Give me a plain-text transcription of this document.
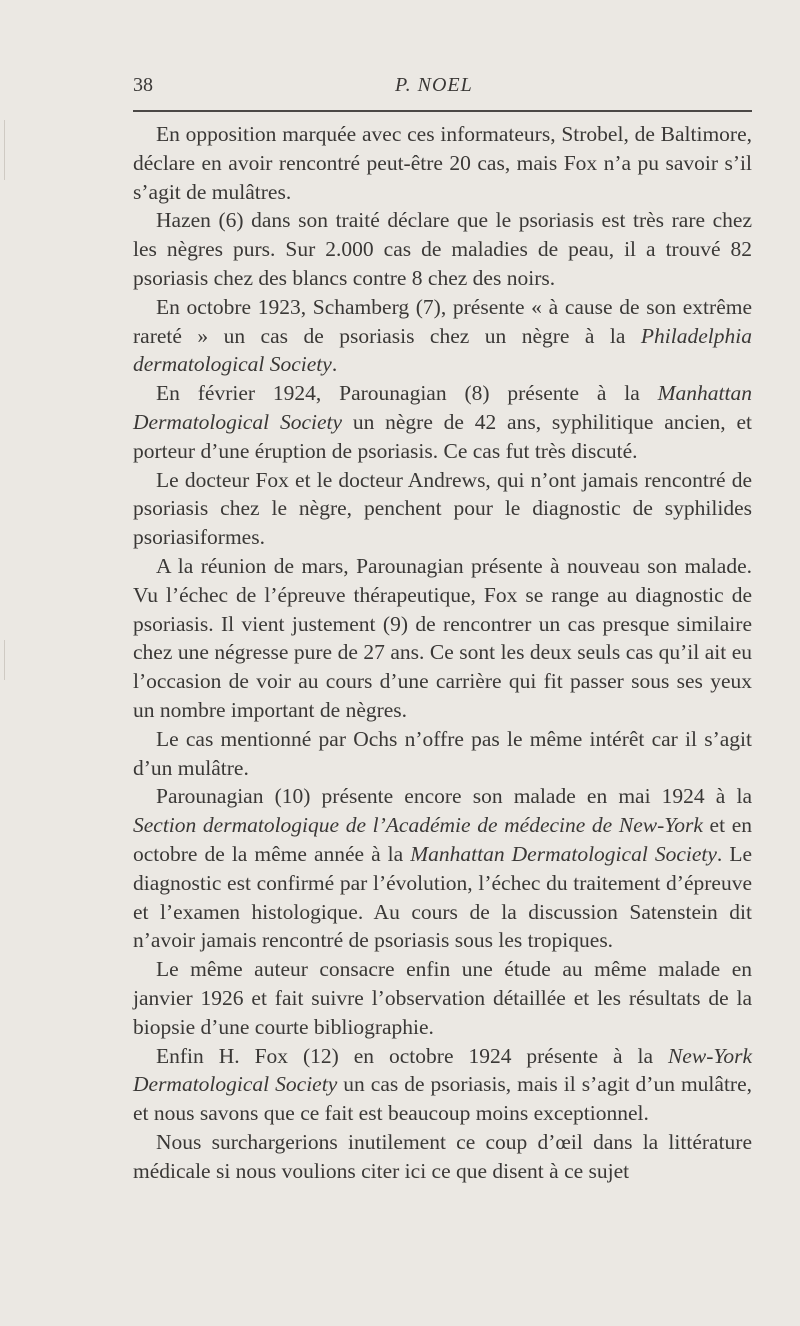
38	P. NOEL

En opposition marquée avec ces informateurs, Strobel, de Baltimore, déclare en avoir rencontré peut-être 20 cas, mais Fox n’a pu savoir s’il s’agit de mulâtres.

Hazen (6) dans son traité déclare que le psoriasis est très rare chez les nègres purs. Sur 2.000 cas de maladies de peau, il a trouvé 82 psoriasis chez des blancs contre 8 chez des noirs.

En octobre 1923, Schamberg (7), présente « à cause de son extrême rareté » un cas de psoriasis chez un nègre à la Philadelphia dermatological Society.

En février 1924, Parounagian (8) présente à la Manhattan Dermatological Society un nègre de 42 ans, syphilitique ancien, et porteur d’une éruption de psoriasis. Ce cas fut très discuté.

Le docteur Fox et le docteur Andrews, qui n’ont jamais rencontré de psoriasis chez le nègre, penchent pour le diagnostic de syphilides psoriasiformes.

A la réunion de mars, Parounagian présente à nouveau son malade. Vu l’échec de l’épreuve thérapeutique, Fox se range au diagnostic de psoriasis. Il vient justement (9) de rencontrer un cas presque similaire chez une négresse pure de 27 ans. Ce sont les deux seuls cas qu’il ait eu l’occasion de voir au cours d’une carrière qui fit passer sous ses yeux un nombre important de nègres.

Le cas mentionné par Ochs n’offre pas le même intérêt car il s’agit d’un mulâtre.

Parounagian (10) présente encore son malade en mai 1924 à la Section dermatologique de l’Académie de médecine de New-York et en octobre de la même année à la Manhattan Dermatological Society. Le diagnostic est confirmé par l’évolution, l’échec du traitement d’épreuve et l’examen histologique. Au cours de la discussion Satenstein dit n’avoir jamais rencontré de psoriasis sous les tropiques.

Le même auteur consacre enfin une étude au même malade en janvier 1926 et fait suivre l’observation détaillée et les résultats de la biopsie d’une courte bibliographie.

Enfin H. Fox (12) en octobre 1924 présente à la New-York Dermatological Society un cas de psoriasis, mais il s’agit d’un mulâtre, et nous savons que ce fait est beaucoup moins exceptionnel.

Nous surchargerions inutilement ce coup d’œil dans la littérature médicale si nous voulions citer ici ce que disent à ce sujet
